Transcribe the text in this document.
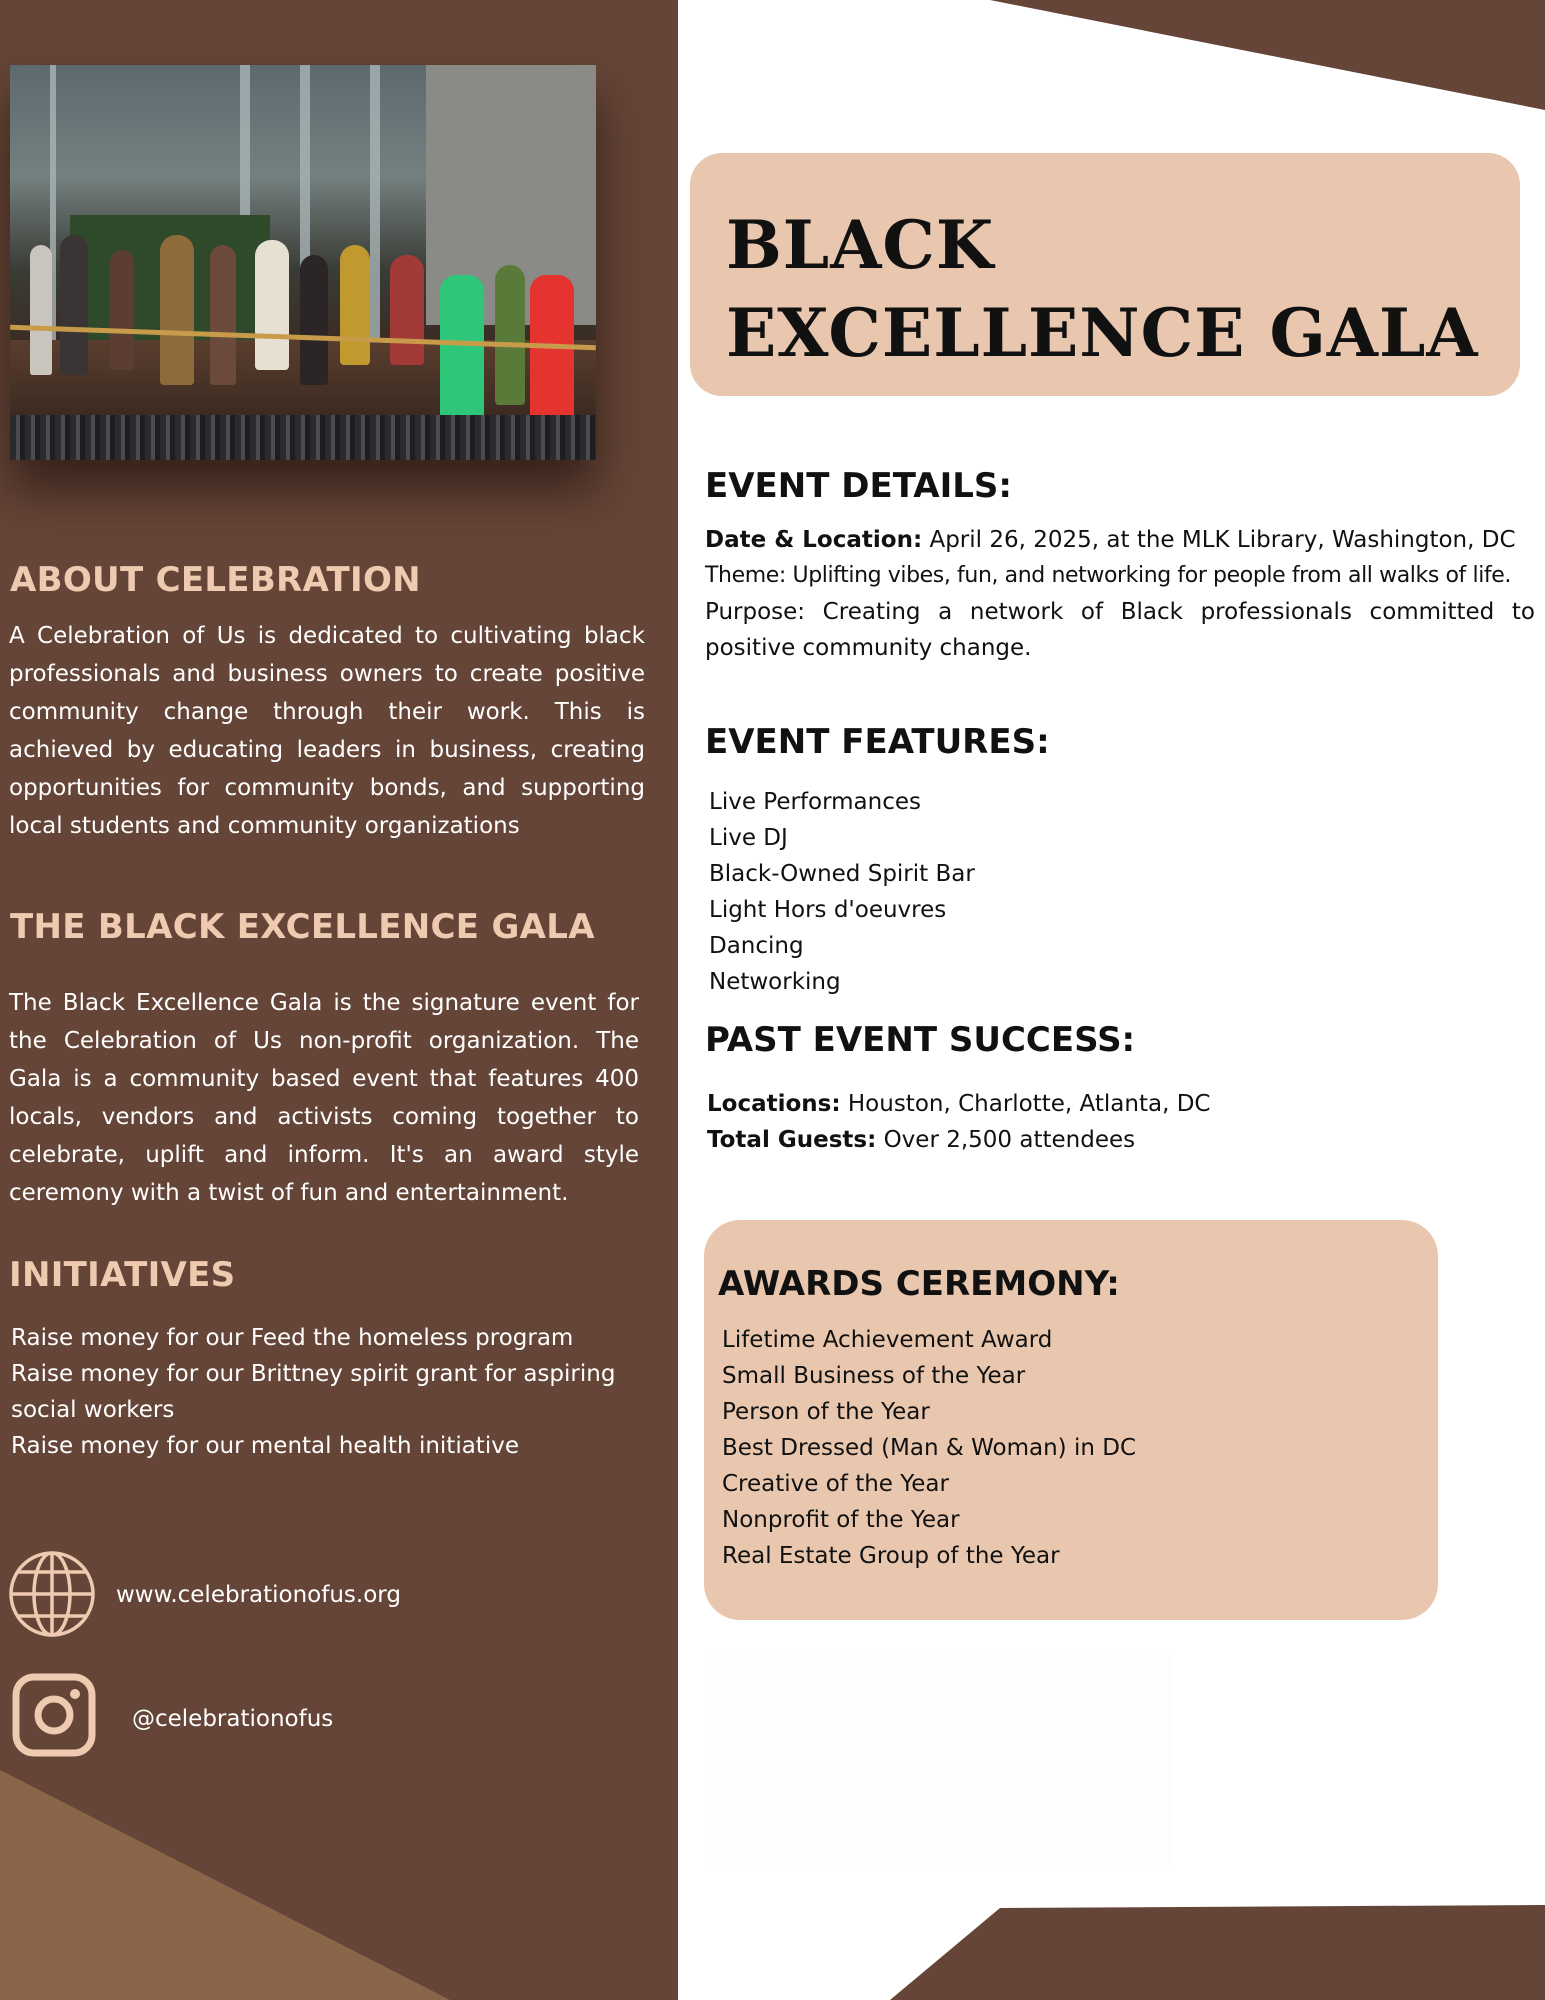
ABOUT CELEBRATION

A Celebration of Us is dedicated to cultivating black professionals and business owners to create positive community change through their work. This is achieved by educating leaders in business, creating opportunities for community bonds, and supporting local students and community organizations

THE BLACK EXCELLENCE GALA

The Black Excellence Gala is the signature event for the Celebration of Us non-profit organization. The Gala is a community based event that features 400 locals, vendors and activists coming together to celebrate, uplift and inform. It's an award style ceremony with a twist of fun and entertainment.

INITIATIVES
Raise money for our Feed the homeless program
Raise money for our Brittney spirit grant for aspiring social workers
Raise money for our mental health initiative

www.celebrationofus.org

@celebrationofus

BLACK EXCELLENCE GALA
EVENT DETAILS:

Date & Location: April 26, 2025, at the MLK Library, Washington, DC

Theme: Uplifting vibes, fun, and networking for people from all walks of life.

Purpose: Creating a network of Black professionals committed to positive community change.

EVENT FEATURES:
Live Performances
Live DJ
Black-Owned Spirit Bar
Light Hors d'oeuvres
Dancing
Networking
PAST EVENT SUCCESS:
Locations: Houston, Charlotte, Atlanta, DC
Total Guests: Over 2,500 attendees
AWARDS CEREMONY:
Lifetime Achievement Award
Small Business of the Year
Person of the Year
Best Dressed (Man & Woman) in DC
Creative of the Year
Nonprofit of the Year
Real Estate Group of the Year
